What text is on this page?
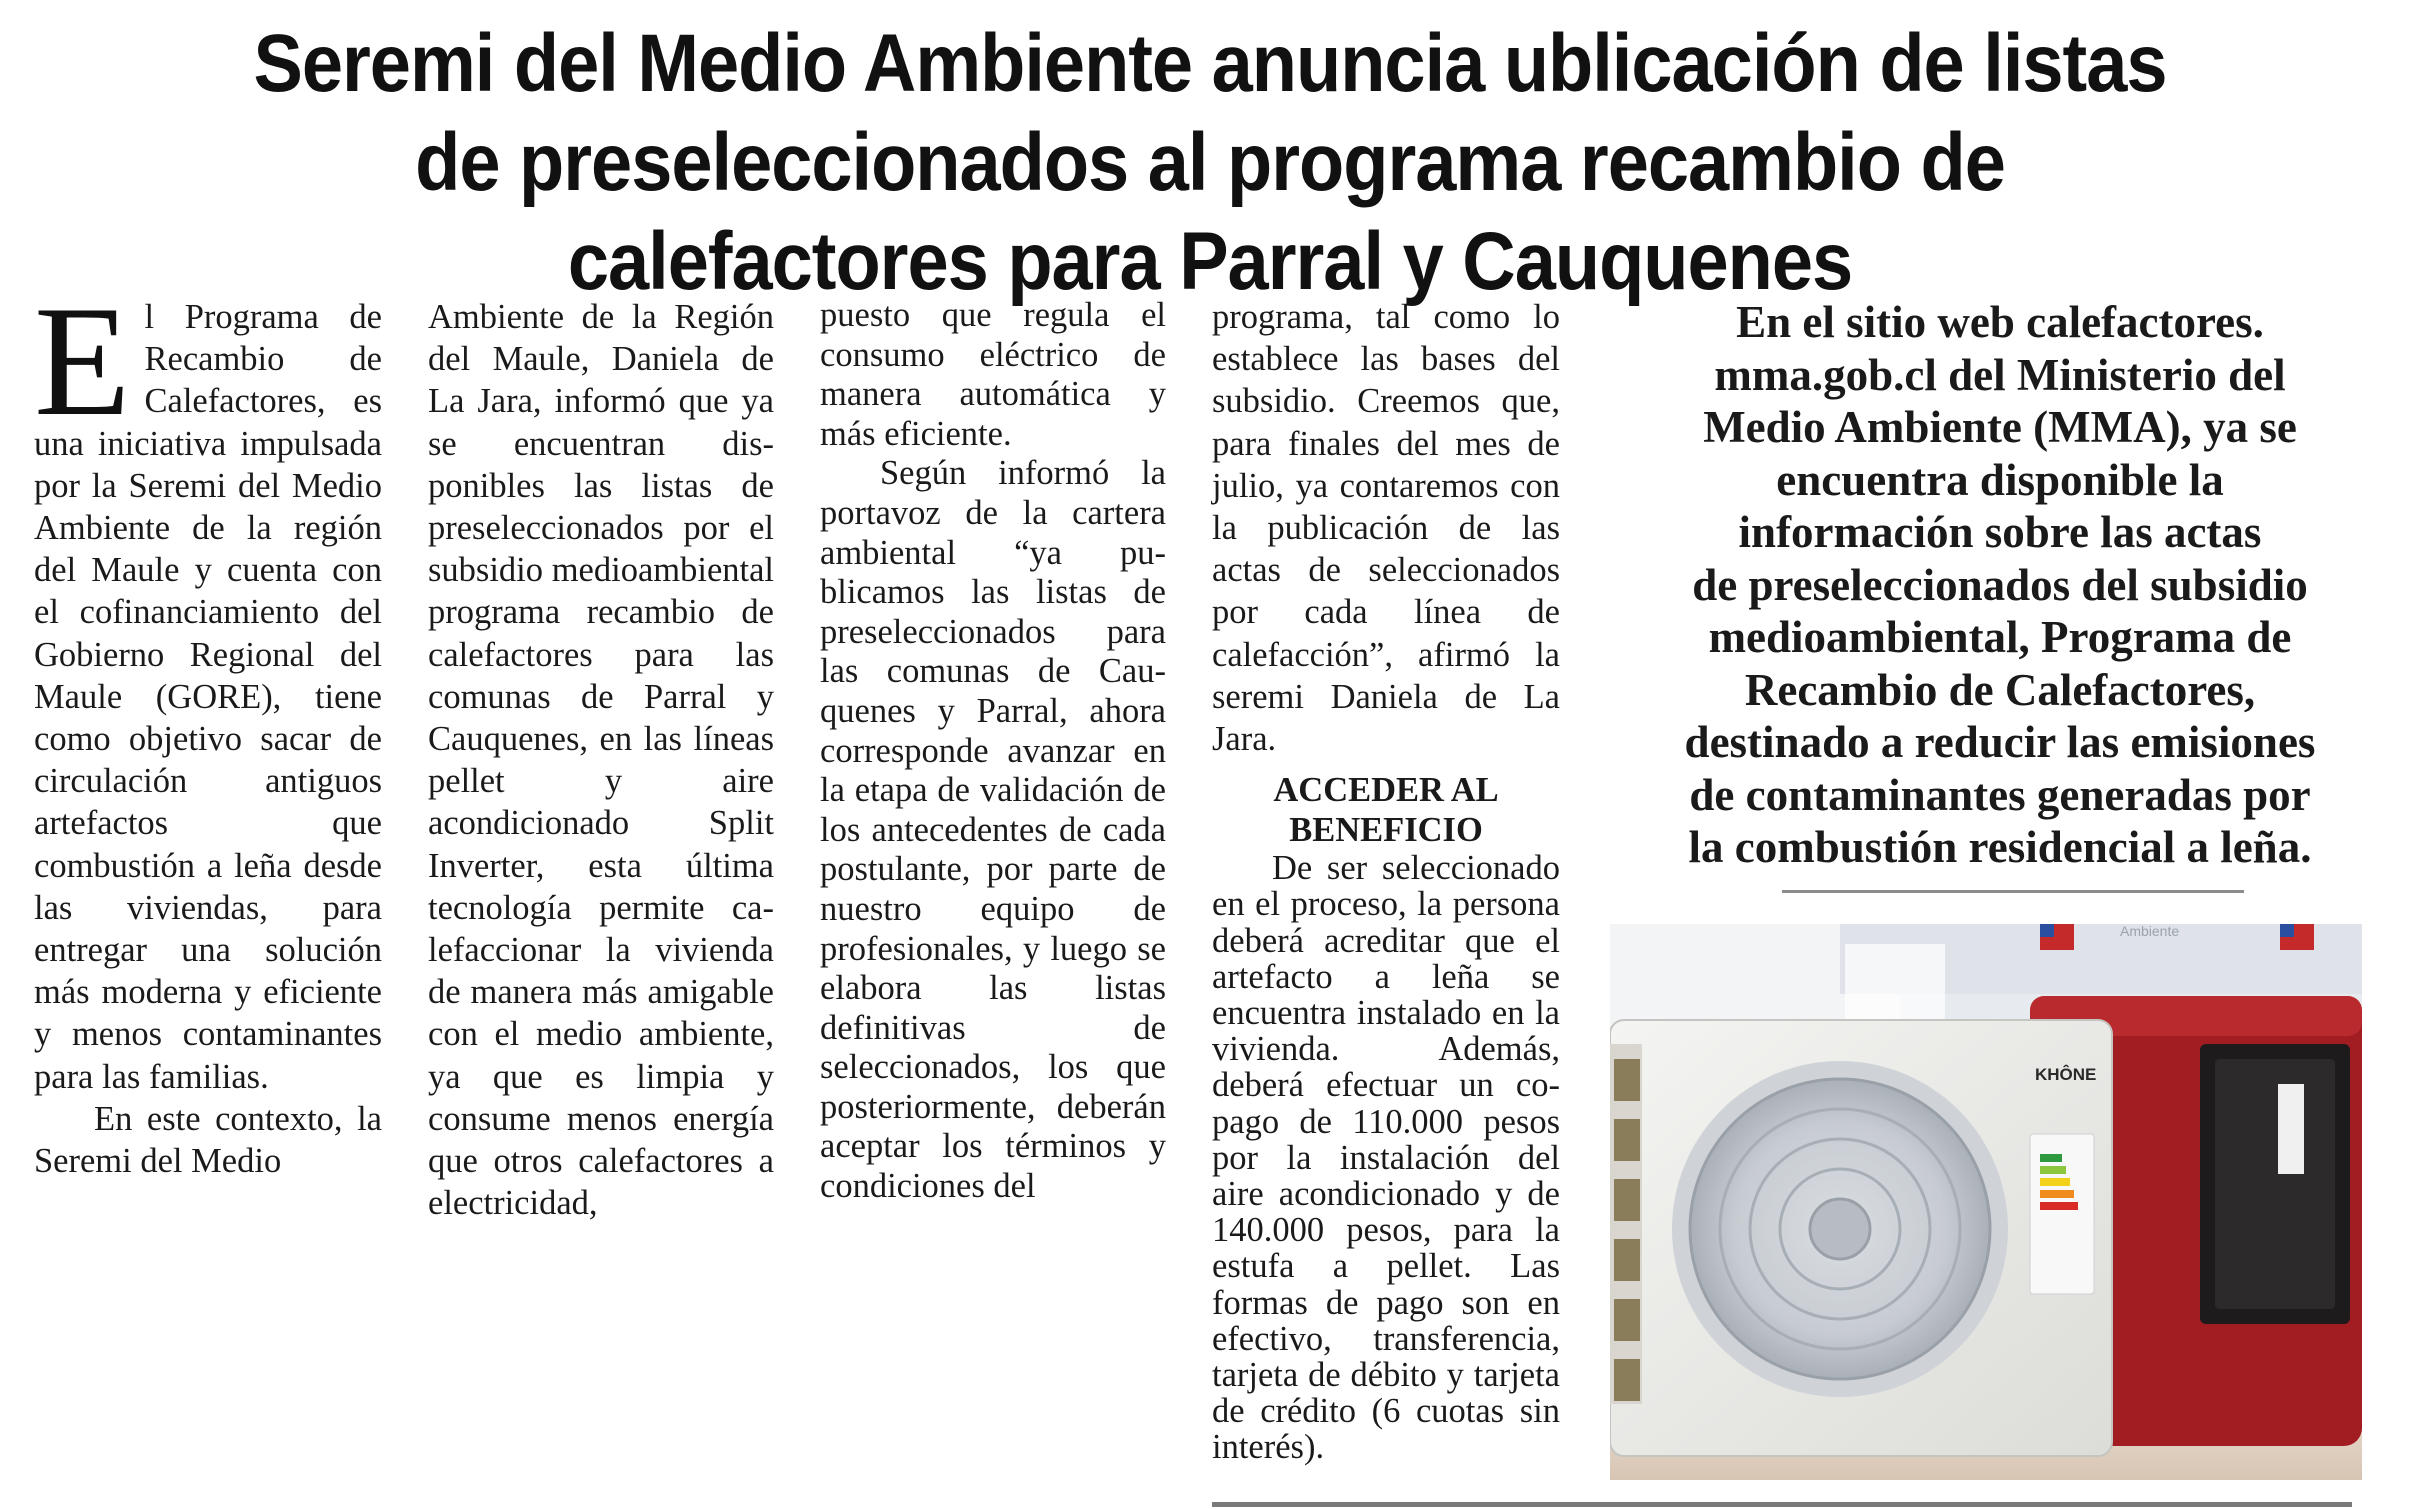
Seremi del Medio Ambiente anuncia ublicación de listas
de preseleccionados al programa recambio de
calefactores para Parral y Cauquenes

El Programa de Recambio de Calefactores, es una iniciativa impulsada por la Seremi del Medio Ambiente de la región del Maule y cuenta con el cofinanciamiento del Gobierno Regional del Maule (GORE), tiene como objetivo sacar de circulación antiguos artefactos que combustión a leña desde las viviendas, para entregar una solución más moderna y eficiente y menos contaminantes para las familias.

En este contexto, la Seremi del Medio

Ambiente de la Región del Maule, Daniela de La Jara, informó que ya se encuentran disponibles las listas de preseleccionados por el subsidio medioambiental programa recambio de calefactores para las comunas de Parral y Cauquenes, en las líneas pellet y aire acondicionado Split Inverter, esta última tecnología permite calefaccionar la vivienda de manera más amigable con el medio ambiente, ya que es limpia y consume menos energía que otros calefactores a electricidad,

puesto que regula el consumo eléctrico de manera automática y más eficiente.

Según informó la portavoz de la cartera ambiental “ya publicamos las listas de preseleccionados para las comunas de Cauquenes y Parral, ahora corresponde avanzar en la etapa de validación de los antecedentes de cada postulante, por parte de nuestro equipo de profesionales, y luego se elabora las listas definitivas de seleccionados, los que posteriormente, deberán aceptar los términos y condiciones del

programa, tal como lo establece las bases del subsidio. Creemos que, para finales del mes de julio, ya contaremos con la publicación de las actas de seleccionados por cada línea de calefacción”, afirmó la seremi Daniela de La Jara.

ACCEDER AL
BENEFICIO

De ser seleccionado en el proceso, la persona deberá acreditar que el artefacto a leña se encuentra instalado en la vivienda. Además, deberá efectuar un copago de 110.000 pesos por la instalación del aire acondicionado y de 140.000 pesos, para la estufa a pellet. Las formas de pago son en efectivo, transferencia, tarjeta de débito y tarjeta de crédito (6 cuotas sin interés).

En el sitio web calefactores.
mma.gob.cl del Ministerio del
Medio Ambiente (MMA), ya se
encuentra disponible la
información sobre las actas
de preseleccionados del subsidio
medioambiental, Programa de
Recambio de Calefactores,
destinado a reducir las emisiones
de contaminantes generadas por
la combustión residencial a leña.
Ambiente
KHÔNE
